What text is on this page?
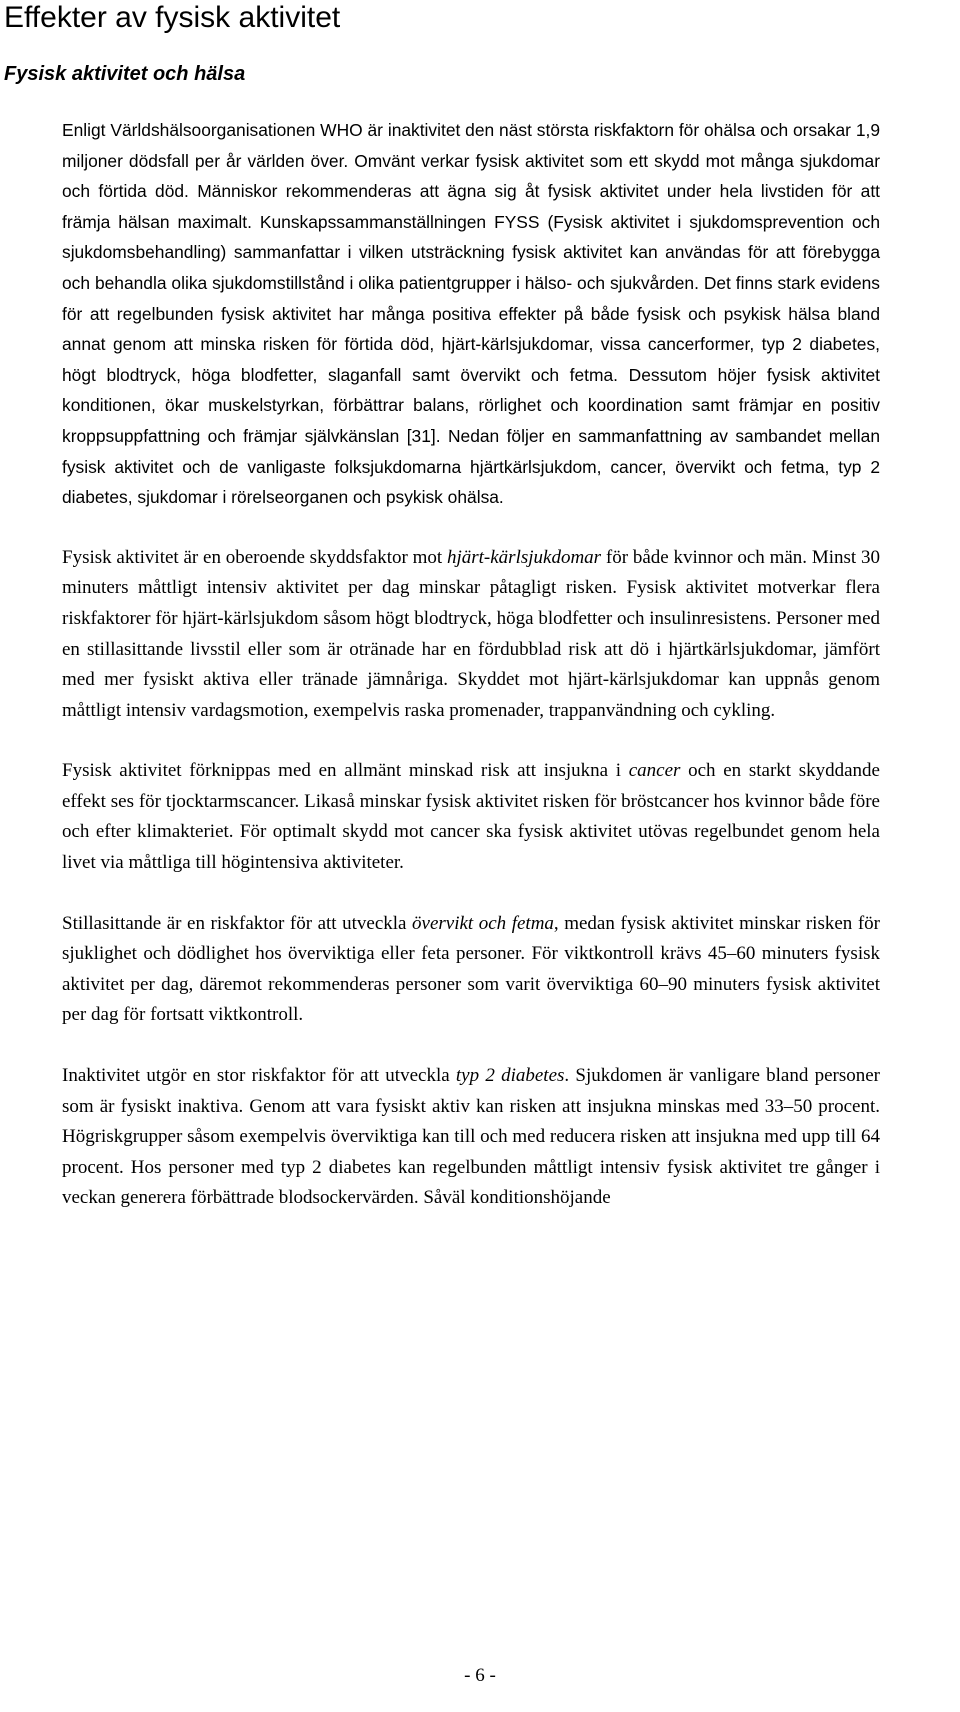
Effekter av fysisk aktivitet
Fysisk aktivitet och hälsa

Enligt Världshälsoorganisationen WHO är inaktivitet den näst största riskfaktorn för ohälsa och orsakar 1,9 miljoner dödsfall per år världen över. Omvänt verkar fysisk aktivitet som ett skydd mot många sjukdomar och förtida död. Människor rekommenderas att ägna sig åt fysisk aktivitet under hela livstiden för att främja hälsan maximalt. Kunskapssammanställningen FYSS (Fysisk aktivitet i sjukdomsprevention och sjukdomsbehandling) sammanfattar i vilken utsträckning fysisk aktivitet kan användas för att förebygga och behandla olika sjukdomstillstånd i olika patientgrupper i hälso- och sjukvården. Det finns stark evidens för att regelbunden fysisk aktivitet har många positiva effekter på både fysisk och psykisk hälsa bland annat genom att minska risken för förtida död, hjärt-kärlsjukdomar, vissa cancerformer, typ 2 diabetes, högt blodtryck, höga blodfetter, slaganfall samt övervikt och fetma. Dessutom höjer fysisk aktivitet konditionen, ökar muskelstyrkan, förbättrar balans, rörlighet och koordination samt främjar en positiv kroppsuppfattning och främjar självkänslan [31]. Nedan följer en sammanfattning av sambandet mellan fysisk aktivitet och de vanligaste folksjukdomarna hjärtkärlsjukdom, cancer, övervikt och fetma, typ 2 diabetes, sjukdomar i rörelseorganen och psykisk ohälsa.

Fysisk aktivitet är en oberoende skyddsfaktor mot hjärt-kärlsjukdomar för både kvinnor och män. Minst 30 minuters måttligt intensiv aktivitet per dag minskar påtagligt risken. Fysisk aktivitet motverkar flera riskfaktorer för hjärt-kärlsjukdom såsom högt blodtryck, höga blodfetter och insulinresistens. Personer med en stillasittande livsstil eller som är otränade har en fördubblad risk att dö i hjärtkärlsjukdomar, jämfört med mer fysiskt aktiva eller tränade jämnåriga. Skyddet mot hjärt-kärlsjukdomar kan uppnås genom måttligt intensiv vardagsmotion, exempelvis raska promenader, trappanvändning och cykling.

Fysisk aktivitet förknippas med en allmänt minskad risk att insjukna i cancer och en starkt skyddande effekt ses för tjocktarmscancer. Likaså minskar fysisk aktivitet risken för bröstcancer hos kvinnor både före och efter klimakteriet. För optimalt skydd mot cancer ska fysisk aktivitet utövas regelbundet genom hela livet via måttliga till högintensiva aktiviteter.

Stillasittande är en riskfaktor för att utveckla övervikt och fetma, medan fysisk aktivitet minskar risken för sjuklighet och dödlighet hos överviktiga eller feta personer. För viktkontroll krävs 45–60 minuters fysisk aktivitet per dag, däremot rekommenderas personer som varit överviktiga 60–90 minuters fysisk aktivitet per dag för fortsatt viktkontroll.

Inaktivitet utgör en stor riskfaktor för att utveckla typ 2 diabetes. Sjukdomen är vanligare bland personer som är fysiskt inaktiva. Genom att vara fysiskt aktiv kan risken att insjukna minskas med 33–50 procent. Högriskgrupper såsom exempelvis överviktiga kan till och med reducera risken att insjukna med upp till 64 procent. Hos personer med typ 2 diabetes kan regelbunden måttligt intensiv fysisk aktivitet tre gånger i veckan generera förbättrade blodsockervärden. Såväl konditionshöjande

- 6 -
